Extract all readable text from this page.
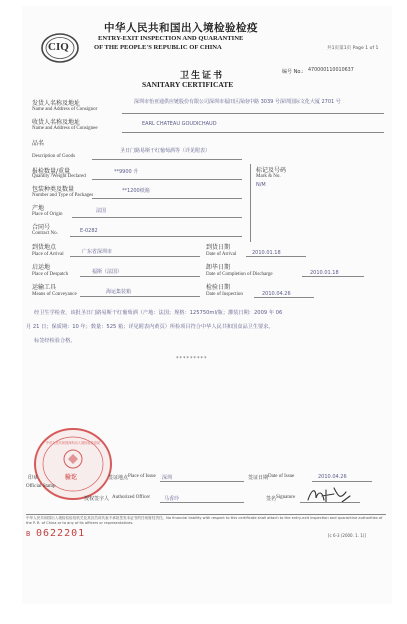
CIQ
中华人民共和国出入境检验检疫
ENTRY-EXIT INSPECTION AND QUARANTINE
OF THE PEOPLE'S REPUBLIC OF CHINA	共1页第1页 Page 1 of 1
卫生证书
SANITARY CERTIFICATE
编号 No.: 470000110010637
发货人名称及地址
Name and Address of Consignor
深圳市怡亚通供应链股份有限公司深圳市福田区深南中路 3039 号深圳国际文化大厦 2701 号
收货人名称及地址
Name and Address of Consignee
EARL CHATEAU GOUDICHAUD
品名
Description of Goods
圣日门路易斯干红葡萄酒等（详见附表）
标记及号码
Mark & No.
N/M
报检数量/重量
Quantity /Weight Declared
**9900 升
包装种类及数量
Number and Type of Packages
**1200纸箱
产地
Place of Origin
法国
合同号
Contract No.	E-0282
到货地点
Place of Arrival	广东省深圳市
到货日期
Date of Arrival	2010.01.18
启运地
Place of Despatch	福斯（法国）
卸毕日期
Date of Completion of Discharge	2010.01.18
运输工具
Means of Conveyance	海运集装箱
检验日期
Date of Inspection	2010.04.26
经卫生学检查，该批圣日门路易斯干红葡萄酒（产地：法国；规格：125750ml/瓶；灌装日期：2009 年 06
月 21 日；保质期：10 年；数量：525 箱；详见附表内黄页）所检项目符合中华人民共和国食品卫生要求。
标签经检验合格。
*********
验讫
中华人民共和国深圳出入境检验检疫局
印章
Official Stamp
签证地点 Place of Issue 深圳	签证日期 Date of Issue	2010.04.26
授权签字人 Authorized Officer	马香玲	签名 Signature
中华人民共和国出入境检验检疫机关及其官员或代表不承担签发本证书的任何财经责任。No financial liability with respect to this certificate shall attach to the entry-exit inspection and quarantine authorities of the P. R. of China or to any of its officers or representatives.
B 0622201	[c 6-3 (2000. 1. 1)]
